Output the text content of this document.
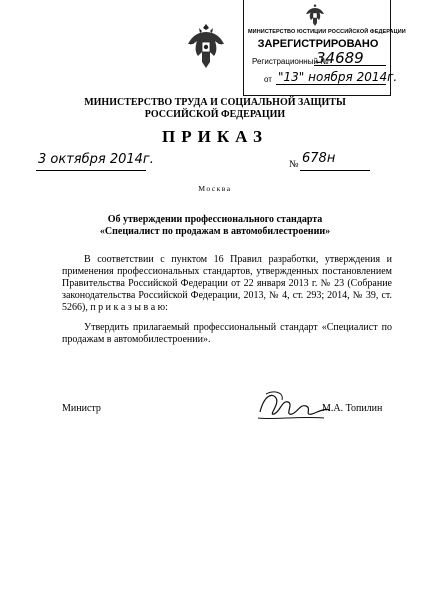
МИНИСТЕРСТВО ЮСТИЦИИ РОССИЙСКОЙ ФЕДЕРАЦИИ
ЗАРЕГИСТРИРОВАНО
Регистрационный №
34689
от "13" ноября 2014г.
МИНИСТЕРСТВО ТРУДА И СОЦИАЛЬНОЙ ЗАЩИТЫ
РОССИЙСКОЙ ФЕДЕРАЦИИ
ПРИКАЗ
3 октября 2014г.	№ 678н
Москва
Об утверждении профессионального стандарта
«Специалист по продажам в автомобилестроении»
В соответствии с пунктом 16 Правил разработки, утверждения и применения профессиональных стандартов, утвержденных постановлением Правительства Российской Федерации от 22 января 2013 г. № 23 (Собрание законодательства Российской Федерации, 2013, № 4, ст. 293; 2014, № 39, ст. 5266), п р и к а з ы в а ю:
Утвердить прилагаемый профессиональный стандарт «Специалист по продажам в автомобилестроении».
Министр	М.А. Топилин
